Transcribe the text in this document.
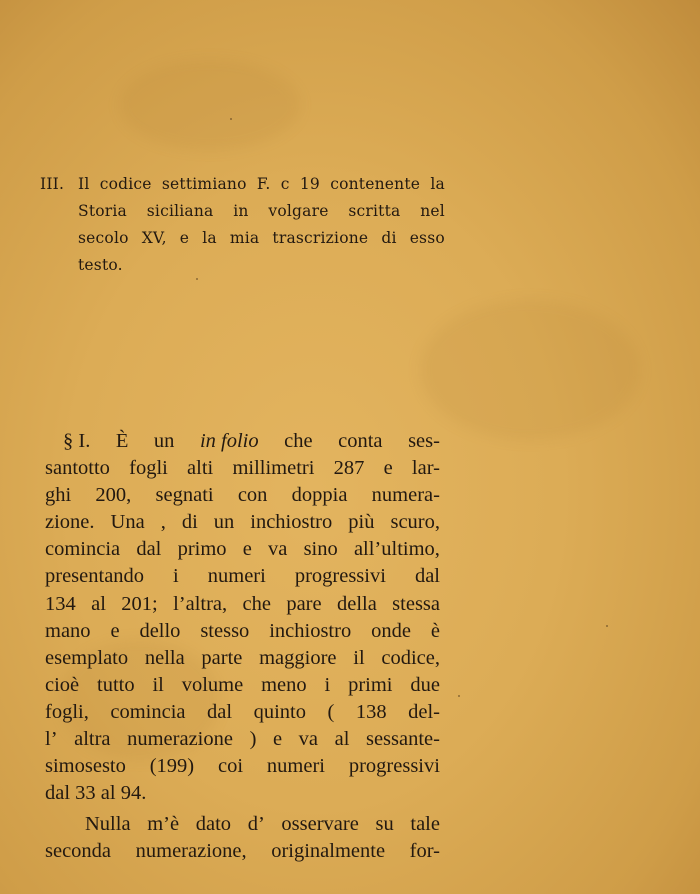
III. Il codice settimiano F. c 19 contenente la
Storia siciliana in volgare scritta nel
secolo XV, e la mia trascrizione di esso
testo.
§ I. È un in folio che conta ses-
santotto fogli alti millimetri 287 e lar-
ghi 200, segnati con doppia numera-
zione. Una , di un inchiostro più scuro,
comincia dal primo e va sino all’ultimo,
presentando i numeri progressivi dal
134 al 201; l’altra, che pare della stessa
mano e dello stesso inchiostro onde è
esemplato nella parte maggiore il codice,
cioè tutto il volume meno i primi due
fogli, comincia dal quinto ( 138 del-
l’ altra numerazione ) e va al sessante-
simosesto (199) coi numeri progressivi
dal 33 al 94.
Nulla m’è dato d’ osservare su tale
seconda numerazione, originalmente for-
